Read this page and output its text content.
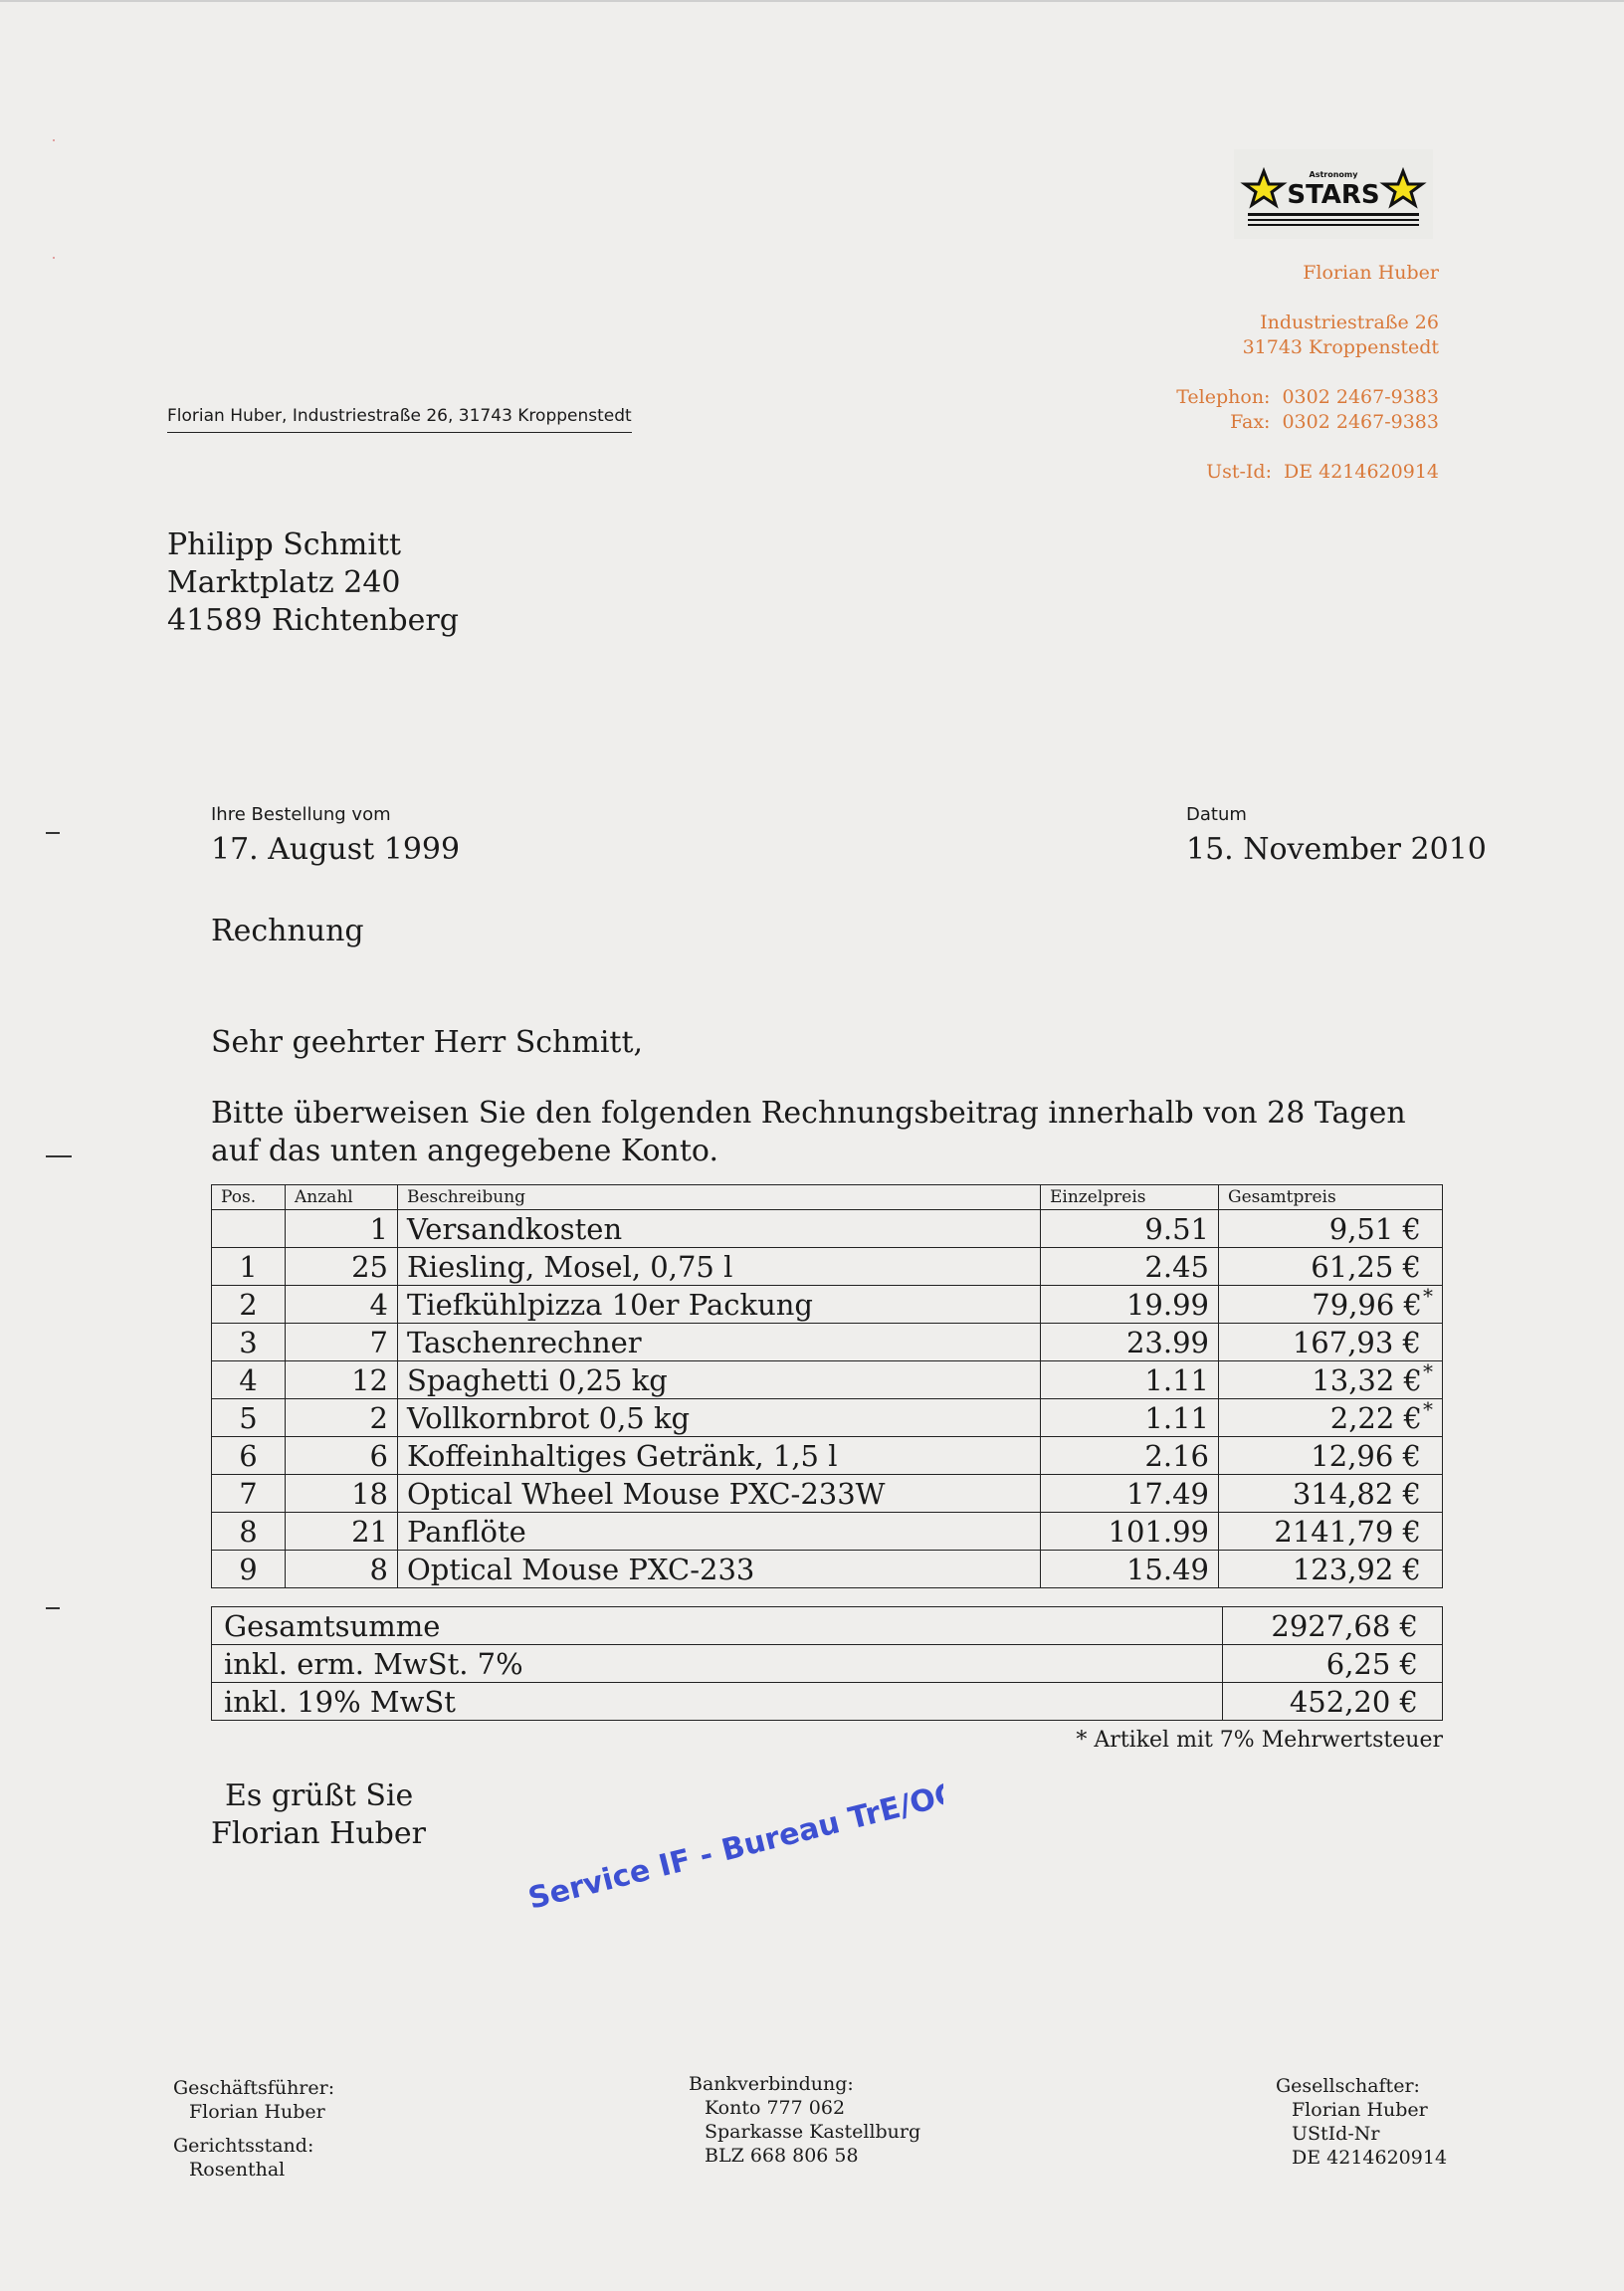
Astronomy
STARS
Florian Huber
Industriestraße 26
31743 Kroppenstedt
Telephon: 0302 2467-9383
Fax: 0302 2467-9383
Ust-Id: DE 4214620914
Florian Huber, Industriestraße 26, 31743 Kroppenstedt
Philipp Schmitt
Marktplatz 240
41589 Richtenberg
Ihre Bestellung vom
17. August 1999
Datum
15. November 2010
Rechnung
Sehr geehrter Herr Schmitt,
Bitte überweisen Sie den folgenden Rechnungsbeitrag innerhalb von 28 Tagen auf das unten angegebene Konto.
Pos.	Anzahl	Beschreibung	Einzelpreis	Gesamtpreis
	1	Versandkosten	9.51	9,51 €
1	25	Riesling, Mosel, 0,75 l	2.45	61,25 €
2	4	Tiefkühlpizza 10er Packung	19.99	79,96 €*
3	7	Taschenrechner	23.99	167,93 €
4	12	Spaghetti 0,25 kg	1.11	13,32 €*
5	2	Vollkornbrot 0,5 kg	1.11	2,22 €*
6	6	Koffeinhaltiges Getränk, 1,5 l	2.16	12,96 €
7	18	Optical Wheel Mouse PXC-233W	17.49	314,82 €
8	21	Panflöte	101.99	2141,79 €
9	8	Optical Mouse PXC-233	15.49	123,92 €
Gesamtsumme	2927,68 €
inkl. erm. MwSt. 7%	6,25 €
inkl. 19% MwSt	452,20 €
* Artikel mit 7% Mehrwertsteuer
Es grüßt Sie
Florian Huber	Service IF - Bureau TrE/OGP
Geschäftsführer:
Florian Huber
Gerichtsstand:
Rosenthal
Bankverbindung:
Konto 777 062
Sparkasse Kastellburg
BLZ 668 806 58
Gesellschafter:
Florian Huber
UStId-Nr
DE 4214620914
